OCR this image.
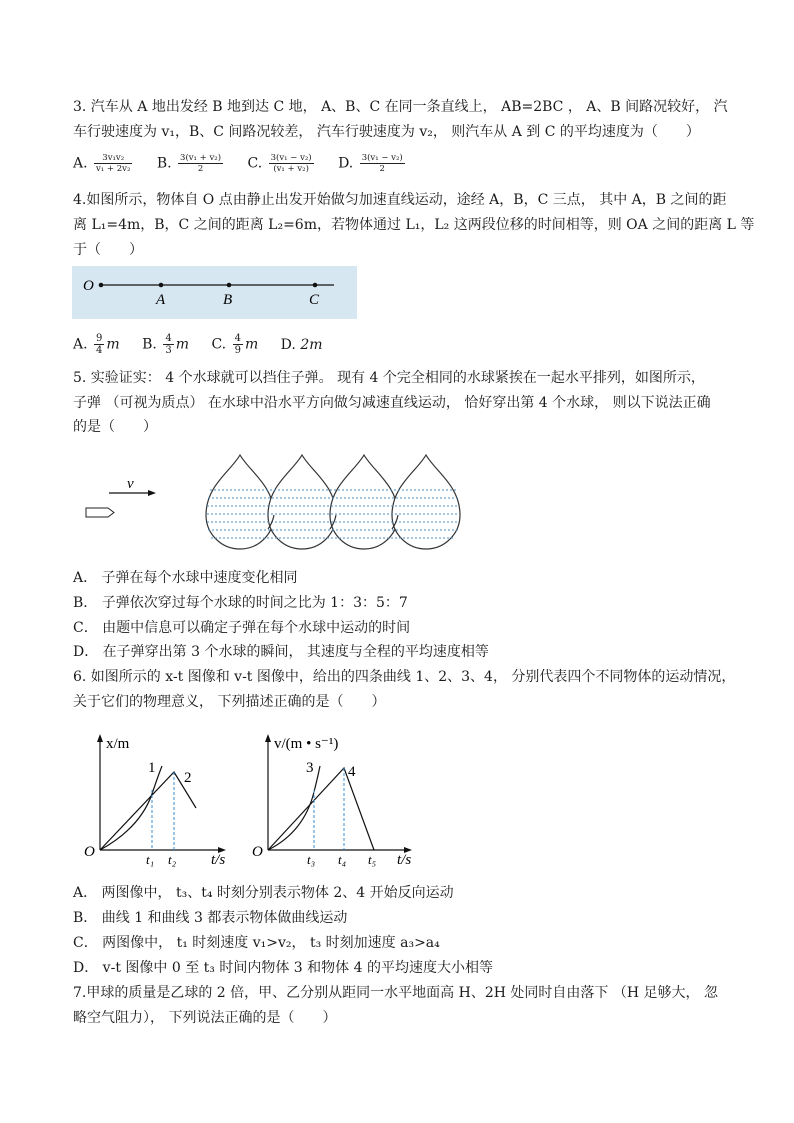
3. 汽车从 A 地出发经 B 地到达 C 地， A、B、C 在同一条直线上， AB=2BC ， A、B 间路况较好， 汽
车行驶速度为 v₁，B、C 间路况较差， 汽车行驶速度为 v₂， 则汽车从 A 到 C 的平均速度为（　　）
A. $\frac{\text{3v₁v₂}}{\text{v₁ + 2v₂}} B$. $\frac{\text{3(v₁ + v₂)}}{2} C$. $\frac{\text{3(v₁ − v₂)}}{\text{(v₁ + v₂)}} D$. $\frac{\text{3(v₁ − v₂)}}{2}$
4.如图所示，物体自 O 点由静止出发开始做匀加速直线运动，途经 A，B，C 三点， 其中 A，B 之间的距
离 L₁=4m，B，C 之间的距离 L₂=6m，若物体通过 L₁，L₂ 这两段位移的时间相等，则 OA 之间的距离 L 等
于（　　）
O
A	B	C
A. $\frac{9}{4}$ m B. $\frac{4}{3}$ m C. $\frac{4}{9}$ m D. 2m
5. 实验证实： 4 个水球就可以挡住子弹。 现有 4 个完全相同的水球紧挨在一起水平排列，如图所示，
子弹 （可视为质点） 在水球中沿水平方向做匀减速直线运动， 恰好穿出第 4 个水球， 则以下说法正确
的是（　　）
v
A． 子弹在每个水球中速度变化相同
B． 子弹依次穿过每个水球的时间之比为 1：3：5：7
C． 由题中信息可以确定子弹在每个水球中运动的时间
D． 在子弹穿出第 3 个水球的瞬间， 其速度与全程的平均速度相等
6. 如图所示的 x-t 图像和 v-t 图像中，给出的四条曲线 1、2、3、4， 分别代表四个不同物体的运动情况，
关于它们的物理意义， 下列描述正确的是（　　）
x/m
t/s
O
1
2
t₁ t₂
v/(m • s⁻¹)
t/s
O
3 4
t₃ t₄ t₅
A． 两图像中， t₃、t₄ 时刻分别表示物体 2、4 开始反向运动
B． 曲线 1 和曲线 3 都表示物体做曲线运动
C． 两图像中， t₁ 时刻速度 v₁>v₂， t₃ 时刻加速度 a₃>a₄
D． v-t 图像中 0 至 t₃ 时间内物体 3 和物体 4 的平均速度大小相等
7.甲球的质量是乙球的 2 倍，甲、乙分别从距同一水平地面高 H、2H 处同时自由落下 （H 足够大， 忽
略空气阻力）， 下列说法正确的是（　　）
